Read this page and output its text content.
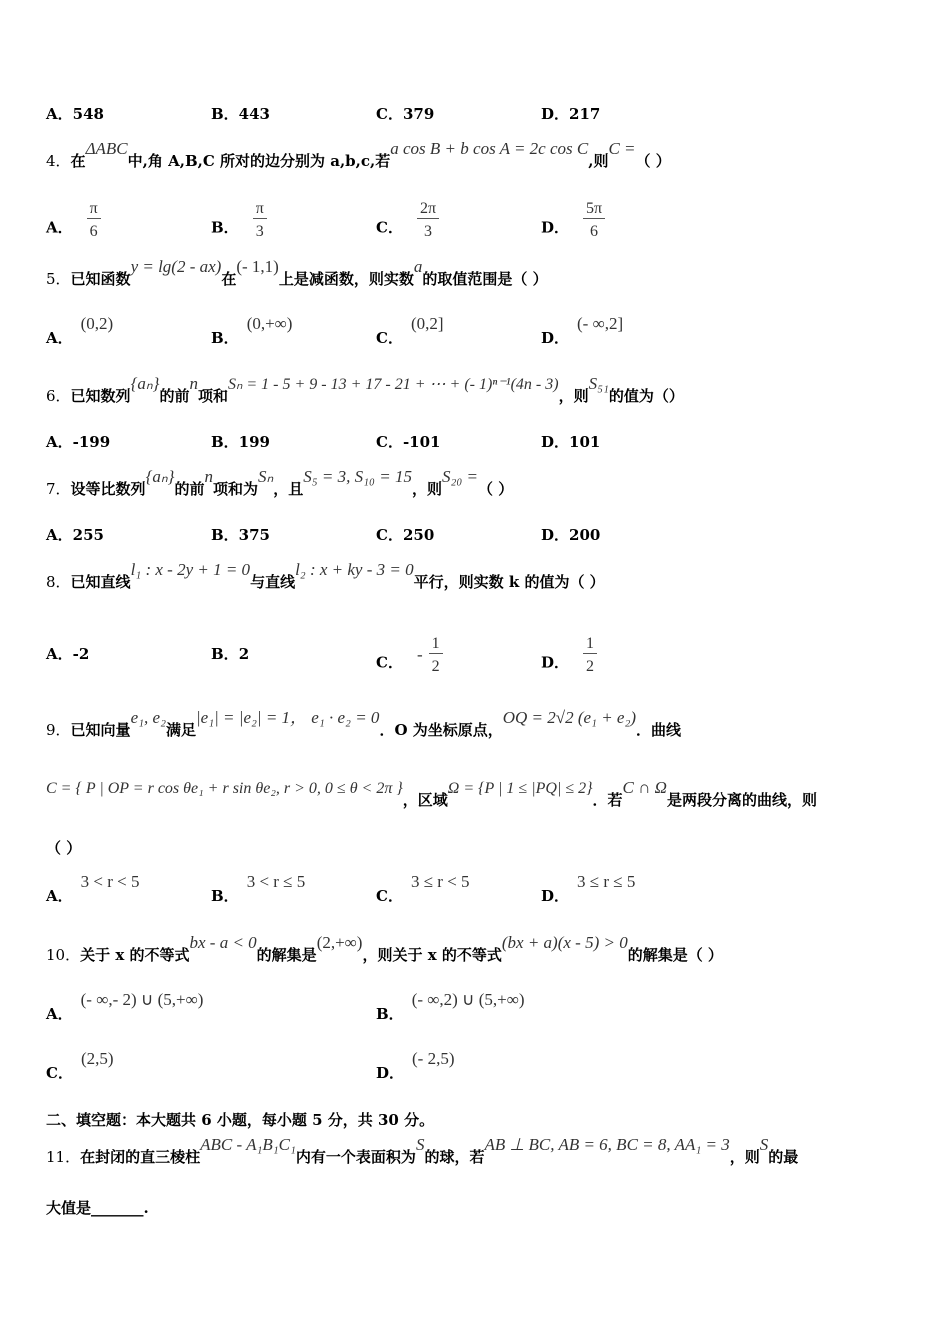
A．548	B．443	C．379	D．217
4．在ΔABC中,角 A,B,C 所对的边分别为 a,b,c,若a cos B + b cos A = 2c cos C,则C =（ ）
A． $\frac{\pi}{6}$	B． $\frac{\pi}{3}$	C． $\frac{2\pi}{3}$	D． $\frac{5\pi}{6}$
5．已知函数y = lg(2 - ax)在(- 1,1)上是减函数，则实数a的取值范围是（ ）
A．(0,2)
B．(0,+∞)
C．(0,2]
D．(- ∞,2]
6．已知数列{aₙ}的前n项和Sₙ = 1 - 5 + 9 - 13 + 17 - 21 + ⋯ + (- 1)ⁿ⁻¹(4n - 3)，则S₅₁的值为（）
A．-199	B．199	C．-101	D．101
7．设等比数列{aₙ}的前n项和为Sₙ，且S₅ = 3, S₁₀ = 15，则S₂₀ =（ ）
A．255	B．375	C．250	D．200
8．已知直线l₁ : x - 2y + 1 = 0与直线l₂ : x + ky - 3 = 0平行，则实数 k 的值为（ ）
A．-2	B．2	C． - $\frac{1}{2}$	D． $\frac{1}{2}$
9．已知向量e₁, e₂满足|e₁| = |e₂| = 1， e₁ · e₂ = 0．O 为坐标原点，OQ = 2√2 (e₁ + e₂)．曲线
C = { P | OP = r cos θe₁ + r sin θe₂, r > 0, 0 ≤ θ < 2π }，区域Ω = {P | 1 ≤ |PQ| ≤ 2}．若C ∩ Ω是两段分离的曲线，则
（ ）
A．3 < r < 5
B．3 < r ≤ 5
C．3 ≤ r < 5
D．3 ≤ r ≤ 5
10．关于 x 的不等式bx - a < 0的解集是(2,+∞)，则关于 x 的不等式(bx + a)(x - 5) > 0的解集是（ ）
A．(- ∞,- 2) ∪ (5,+∞)
B．(- ∞,2) ∪ (5,+∞)
C．(2,5)
D．(- 2,5)
二、填空题：本大题共 6 小题，每小题 5 分，共 30 分。
11．在封闭的直三棱柱ABC - A₁B₁C₁内有一个表面积为S的球，若AB ⊥ BC, AB = 6, BC = 8, AA₁ = 3，则S的最
大值是_______.
